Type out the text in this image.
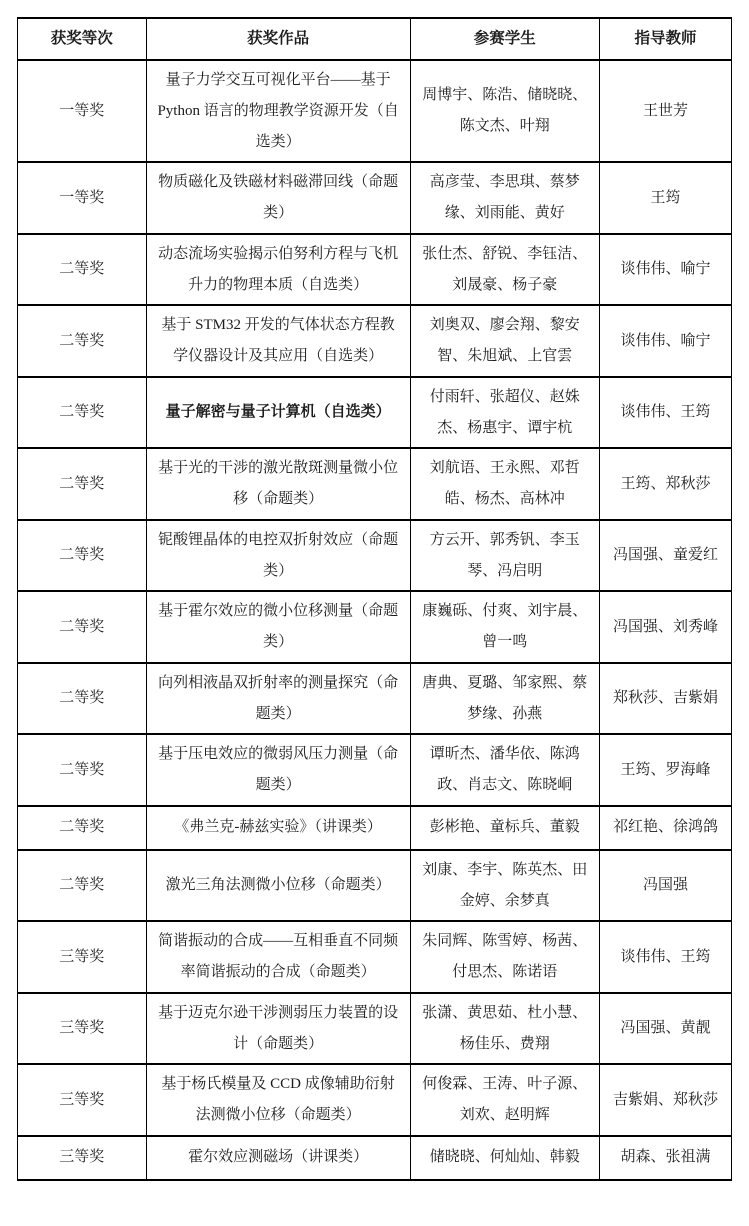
获奖等次	获奖作品	参赛学生	指导教师
一等奖	量子力学交互可视化平台——基于 Python 语言的物理教学资源开发（自选类）	周博宇、陈浩、储晓晓、陈文杰、叶翔	王世芳
一等奖	物质磁化及铁磁材料磁滞回线（命题类）	高彦莹、李思琪、蔡梦缘、刘雨能、黄好	王筠
二等奖	动态流场实验揭示伯努利方程与飞机升力的物理本质（自选类）	张仕杰、舒锐、李钰洁、刘晟豪、杨子豪	谈伟伟、喻宁
二等奖	基于 STM32 开发的气体状态方程教学仪器设计及其应用（自选类）	刘奥双、廖会翔、黎安智、朱旭斌、上官雲	谈伟伟、喻宁
二等奖	量子解密与量子计算机（自选类）	付雨轩、张超仪、赵姝杰、杨惠宇、谭宇杭	谈伟伟、王筠
二等奖	基于光的干涉的激光散斑测量微小位移（命题类）	刘航语、王永熙、邓哲皓、杨杰、高林冲	王筠、郑秋莎
二等奖	铌酸锂晶体的电控双折射效应（命题类）	方云开、郭秀钒、李玉琴、冯启明	冯国强、童爱红
二等奖	基于霍尔效应的微小位移测量（命题类）	康巍砾、付爽、刘宇晨、曾一鸣	冯国强、刘秀峰
二等奖	向列相液晶双折射率的测量探究（命题类）	唐典、夏璐、邹家熙、蔡梦缘、孙燕	郑秋莎、吉紫娟
二等奖	基于压电效应的微弱风压力测量（命题类）	谭昕杰、潘华依、陈鸿政、肖志文、陈晓峒	王筠、罗海峰
二等奖	《弗兰克-赫兹实验》（讲课类）	彭彬艳、童标兵、董毅	祁红艳、徐鸿鸽
二等奖	激光三角法测微小位移（命题类）	刘康、李宇、陈英杰、田金婷、余梦真	冯国强
三等奖	简谐振动的合成——互相垂直不同频率简谐振动的合成（命题类）	朱同辉、陈雪婷、杨茜、付思杰、陈诺语	谈伟伟、王筠
三等奖	基于迈克尔逊干涉测弱压力装置的设计（命题类）	张潇、黄思茹、杜小慧、杨佳乐、费翔	冯国强、黄靓
三等奖	基于杨氏模量及 CCD 成像辅助衍射法测微小位移（命题类）	何俊霖、王涛、叶子源、刘欢、赵明辉	吉紫娟、郑秋莎
三等奖	霍尔效应测磁场（讲课类）	储晓晓、何灿灿、韩毅	胡森、张祖满
